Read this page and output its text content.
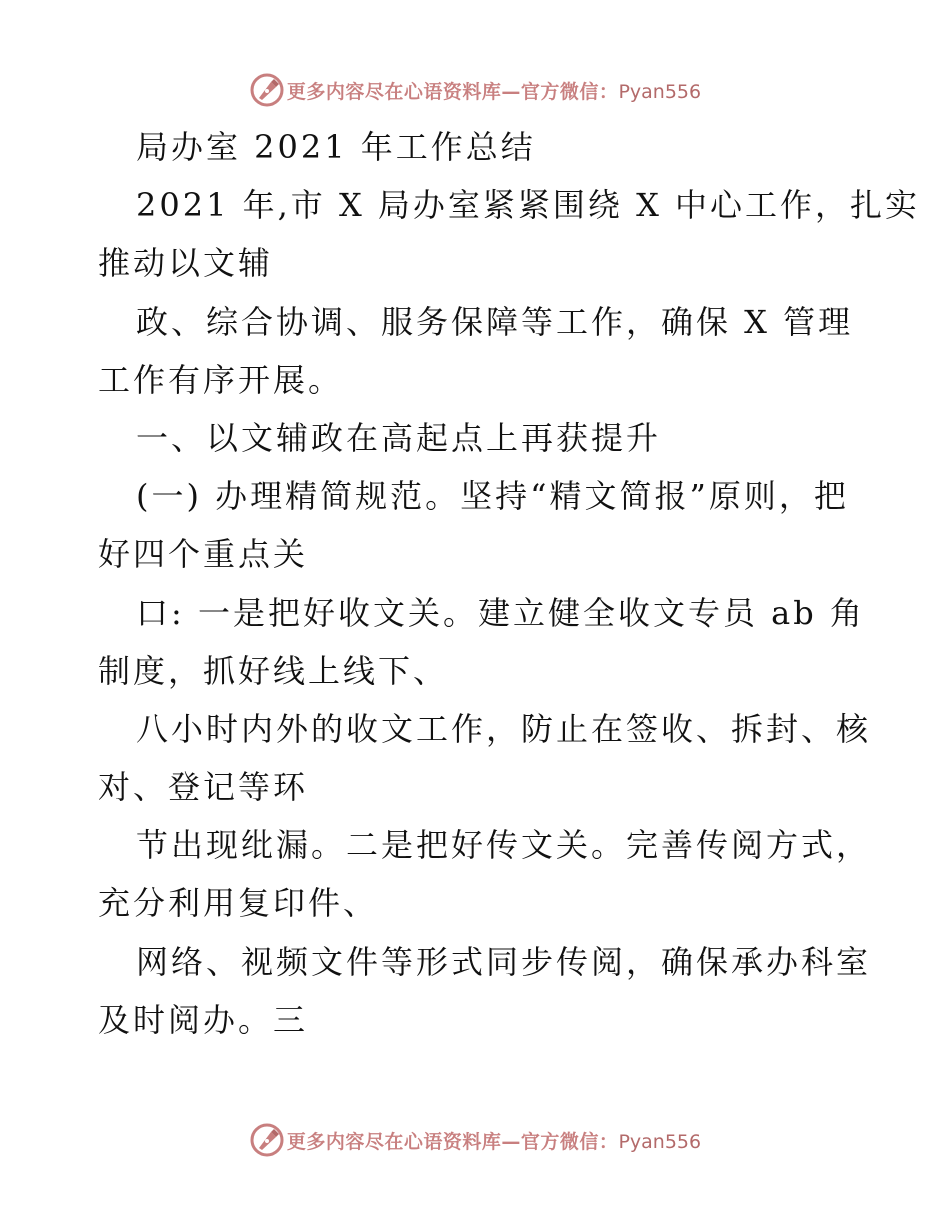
更多内容尽在心语资料库—官方微信：Pyan556
局办室 2021 年工作总结
2021 年,市 X 局办室紧紧围绕 X 中心工作，扎实
推动以文辅
政、综合协调、服务保障等工作，确保 X 管理
工作有序开展。
一、以文辅政在高起点上再获提升
(一) 办理精简规范。坚持“精文简报”原则，把
好四个重点关
口: 一是把好收文关。建立健全收文专员 ab 角
制度，抓好线上线下、
八小时内外的收文工作，防止在签收、拆封、核
对、登记等环
节出现纰漏。二是把好传文关。完善传阅方式，
充分利用复印件、
网络、视频文件等形式同步传阅，确保承办科室
及时阅办。三
更多内容尽在心语资料库—官方微信：Pyan556
